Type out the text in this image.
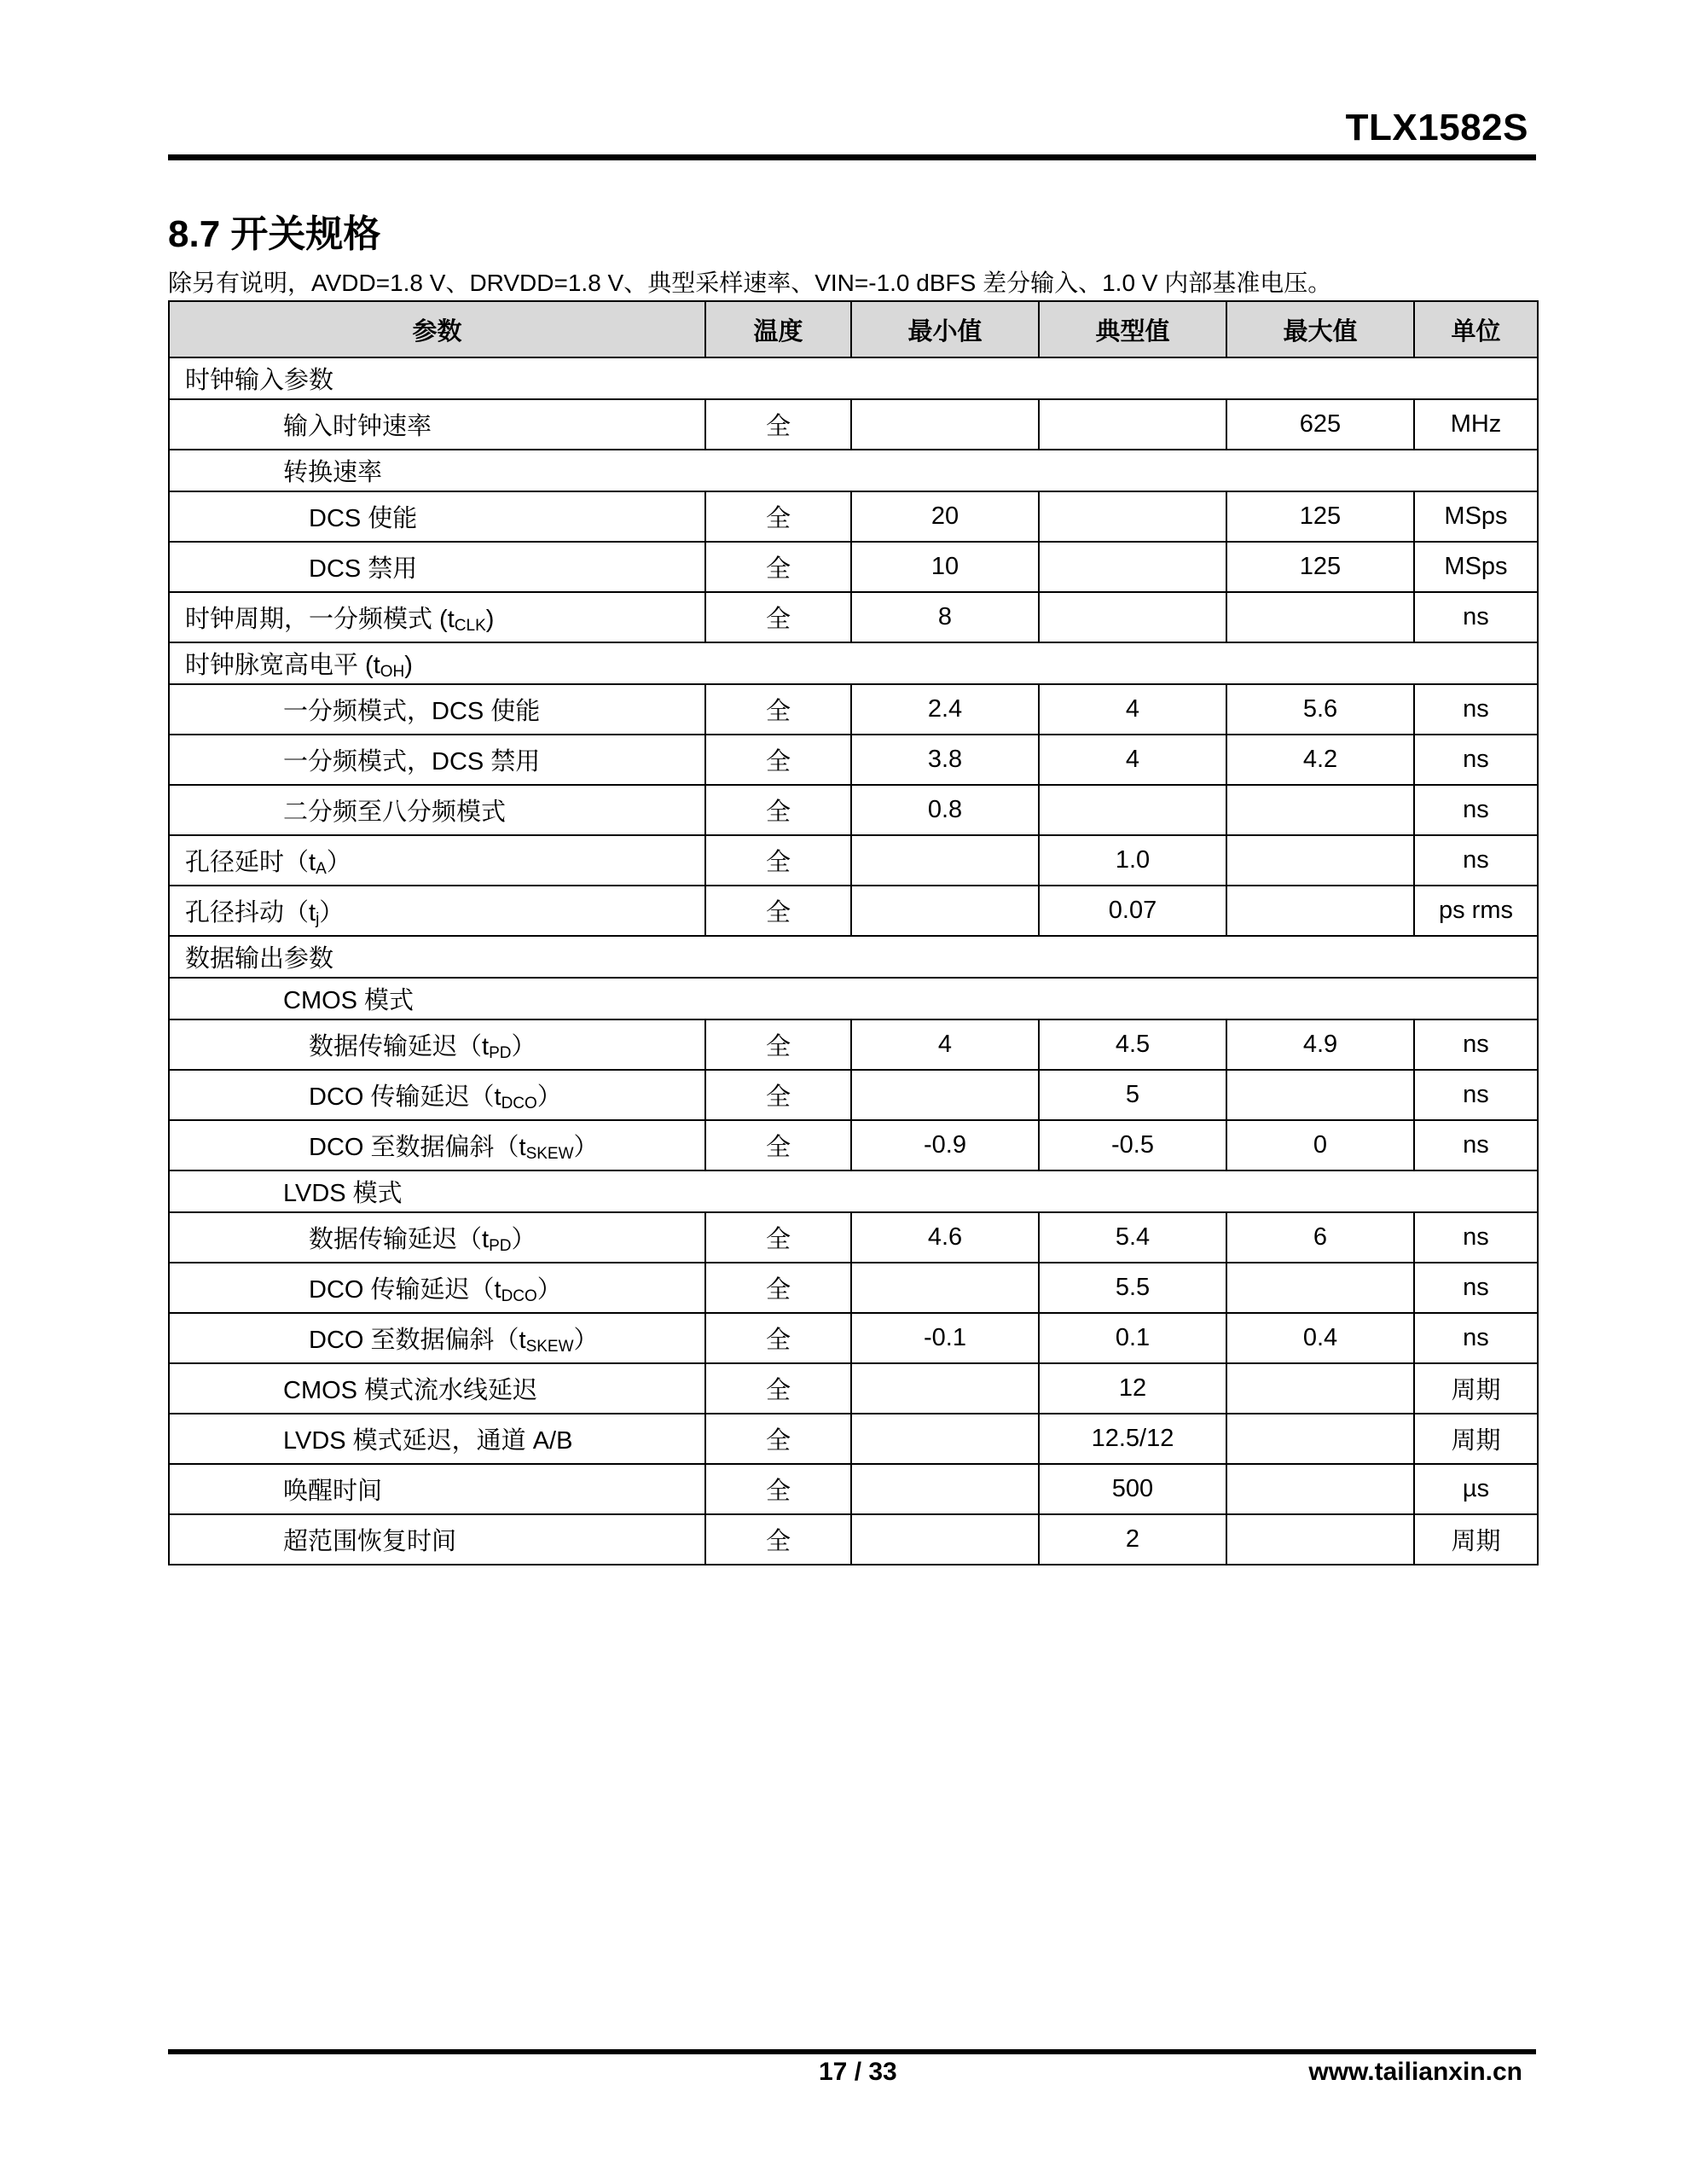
TLX1582S
8.7 开关规格
除另有说明，AVDD=1.8 V、DRVDD=1.8 V、典型采样速率、VIN=-1.0 dBFS 差分输入、1.0 V 内部基准电压。
参数	温度	最小值	典型值	最大值	单位
时钟输入参数					
输入时钟速率	全			625	MHz
转换速率					
DCS 使能	全	20		125	MSps
DCS 禁用	全	10		125	MSps
时钟周期，一分频模式 $(t_{CLK})$	全	8			ns
时钟脉宽高电平 $(t_{OH})$					
一分频模式，DCS 使能	全	2.4	4	5.6	ns
一分频模式，DCS 禁用	全	3.8	4	4.2	ns
二分频至八分频模式	全	0.8			ns
孔径延时$(t_A)$	全		1.0		ns
孔径抖动$(t_j)$	全		0.07		ps rms
数据输出参数					
CMOS 模式					
数据传输延迟$(t_{PD})$	全	4	4.5	4.9	ns
DCO 传输延迟$(t_{DCO})$	全		5		ns
DCO 至数据偏斜$(t_{SKEW})$	全	-0.9	-0.5	0	ns
LVDS 模式					
数据传输延迟$(t_{PD})$	全	4.6	5.4	6	ns
DCO 传输延迟$(t_{DCO})$	全		5.5		ns
DCO 至数据偏斜$(t_{SKEW})$	全	-0.1	0.1	0.4	ns
CMOS 模式流水线延迟	全		12		周期
LVDS 模式延迟，通道 A/B	全		12.5/12		周期
唤醒时间	全		500		µs
超范围恢复时间	全		2		周期
17 / 33	www.tailianxin.cn
